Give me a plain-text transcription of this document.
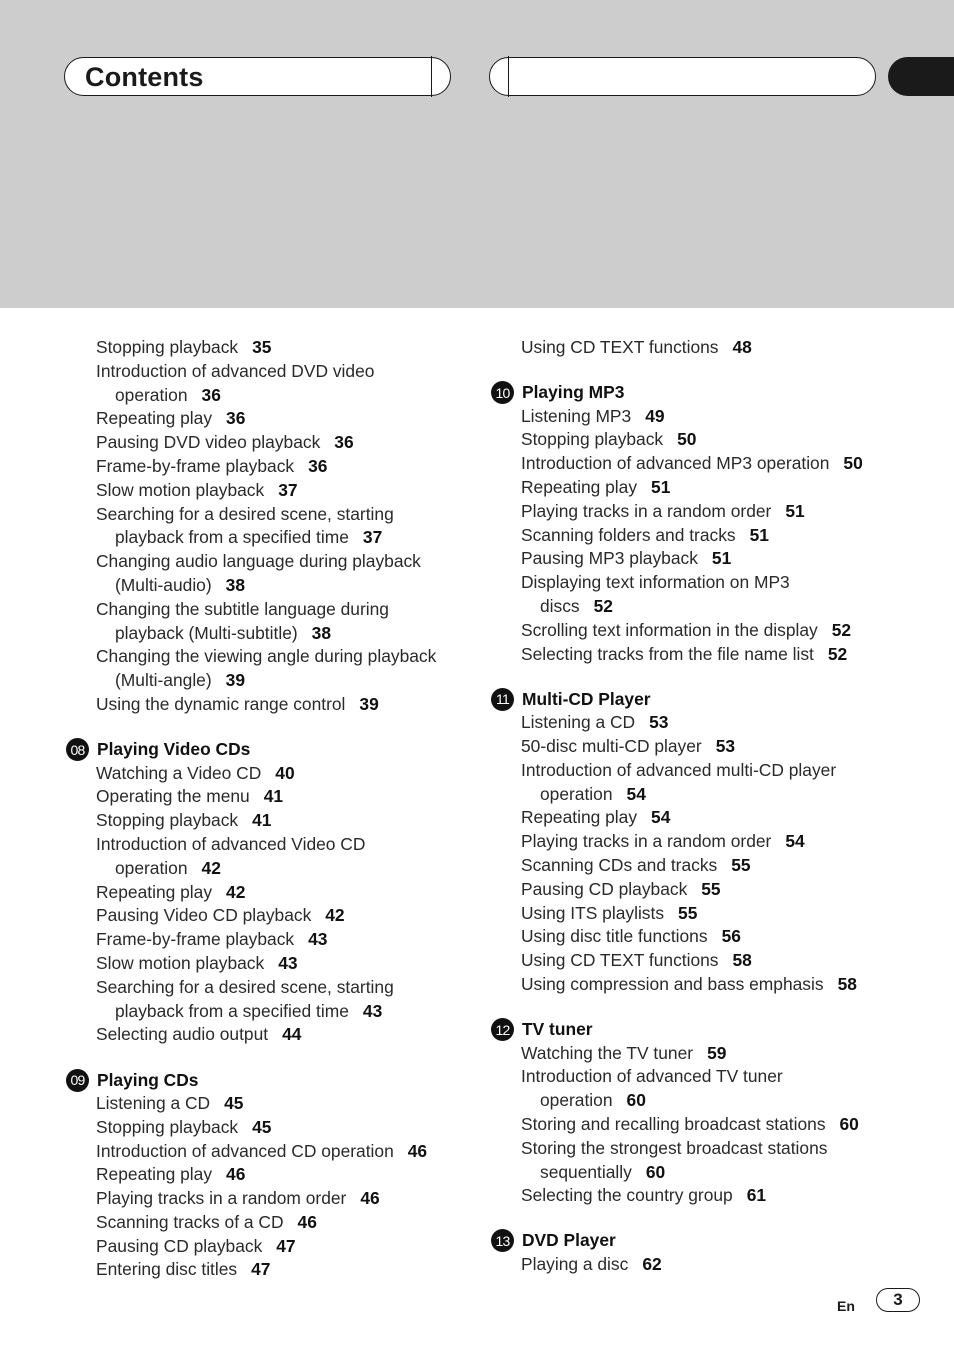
Contents
Stopping playback 35
Introduction of advanced DVD video
operation 36
Repeating play 36
Pausing DVD video playback 36
Frame-by-frame playback 36
Slow motion playback 37
Searching for a desired scene, starting
playback from a specified time 37
Changing audio language during playback
(Multi-audio) 38
Changing the subtitle language during
playback (Multi-subtitle) 38
Changing the viewing angle during playback
(Multi-angle) 39
Using the dynamic range control 39
08 Playing Video CDs
Watching a Video CD 40
Operating the menu 41
Stopping playback 41
Introduction of advanced Video CD
operation 42
Repeating play 42
Pausing Video CD playback 42
Frame-by-frame playback 43
Slow motion playback 43
Searching for a desired scene, starting
playback from a specified time 43
Selecting audio output 44
09 Playing CDs
Listening a CD 45
Stopping playback 45
Introduction of advanced CD operation 46
Repeating play 46
Playing tracks in a random order 46
Scanning tracks of a CD 46
Pausing CD playback 47
Entering disc titles 47
Using CD TEXT functions 48
10 Playing MP3
Listening MP3 49
Stopping playback 50
Introduction of advanced MP3 operation 50
Repeating play 51
Playing tracks in a random order 51
Scanning folders and tracks 51
Pausing MP3 playback 51
Displaying text information on MP3
discs 52
Scrolling text information in the display 52
Selecting tracks from the file name list 52
11 Multi-CD Player
Listening a CD 53
50-disc multi-CD player 53
Introduction of advanced multi-CD player
operation 54
Repeating play 54
Playing tracks in a random order 54
Scanning CDs and tracks 55
Pausing CD playback 55
Using ITS playlists 55
Using disc title functions 56
Using CD TEXT functions 58
Using compression and bass emphasis 58
12 TV tuner
Watching the TV tuner 59
Introduction of advanced TV tuner
operation 60
Storing and recalling broadcast stations 60
Storing the strongest broadcast stations
sequentially 60
Selecting the country group 61
13 DVD Player
Playing a disc 62
En	3
